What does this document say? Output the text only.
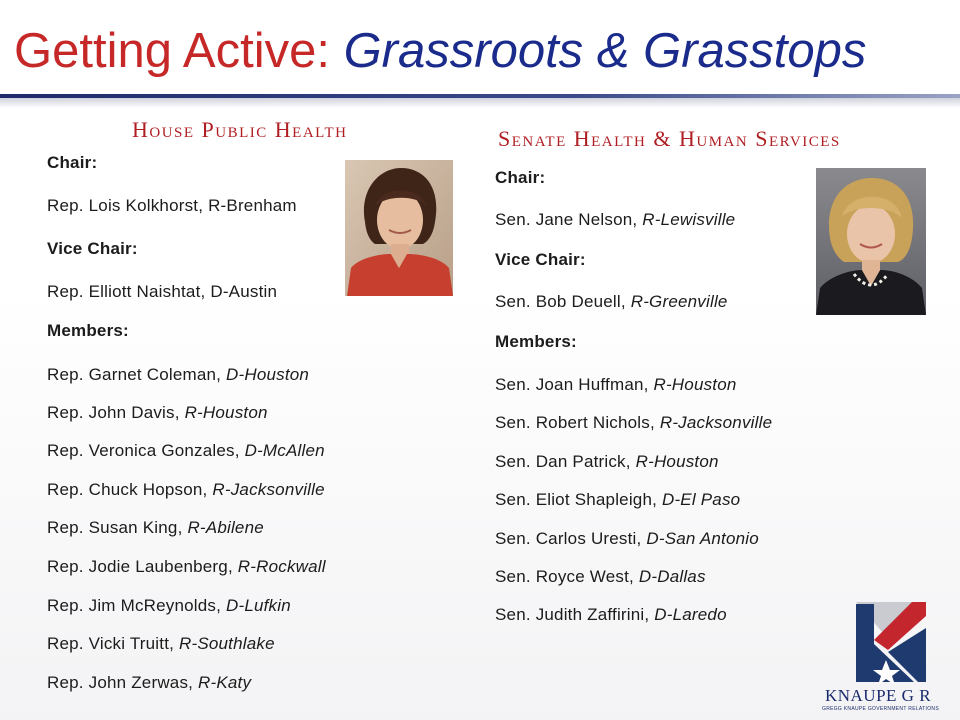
Getting Active: Grassroots & Grasstops
House Public Health
Chair:
Rep. Lois Kolkhorst, R-Brenham
Vice Chair:
Rep. Elliott Naishtat, D-Austin
Members:
Rep. Garnet Coleman, D-Houston
Rep. John Davis, R-Houston
Rep. Veronica Gonzales, D-McAllen
Rep. Chuck Hopson, R-Jacksonville
Rep. Susan King, R-Abilene
Rep. Jodie Laubenberg, R-Rockwall
Rep. Jim McReynolds, D-Lufkin
Rep. Vicki Truitt, R-Southlake
Rep. John Zerwas, R-Katy
Senate Health & Human Services
Chair:
Sen. Jane Nelson, R-Lewisville
Vice Chair:
Sen. Bob Deuell, R-Greenville
Members:
Sen. Joan Huffman, R-Houston
Sen. Robert Nichols, R-Jacksonville
Sen. Dan Patrick, R-Houston
Sen. Eliot Shapleigh, D-El Paso
Sen. Carlos Uresti, D-San Antonio
Sen. Royce West, D-Dallas
Sen. Judith Zaffirini, D-Laredo
KNAUPE G R
GREGG KNAUPE GOVERNMENT RELATIONS
